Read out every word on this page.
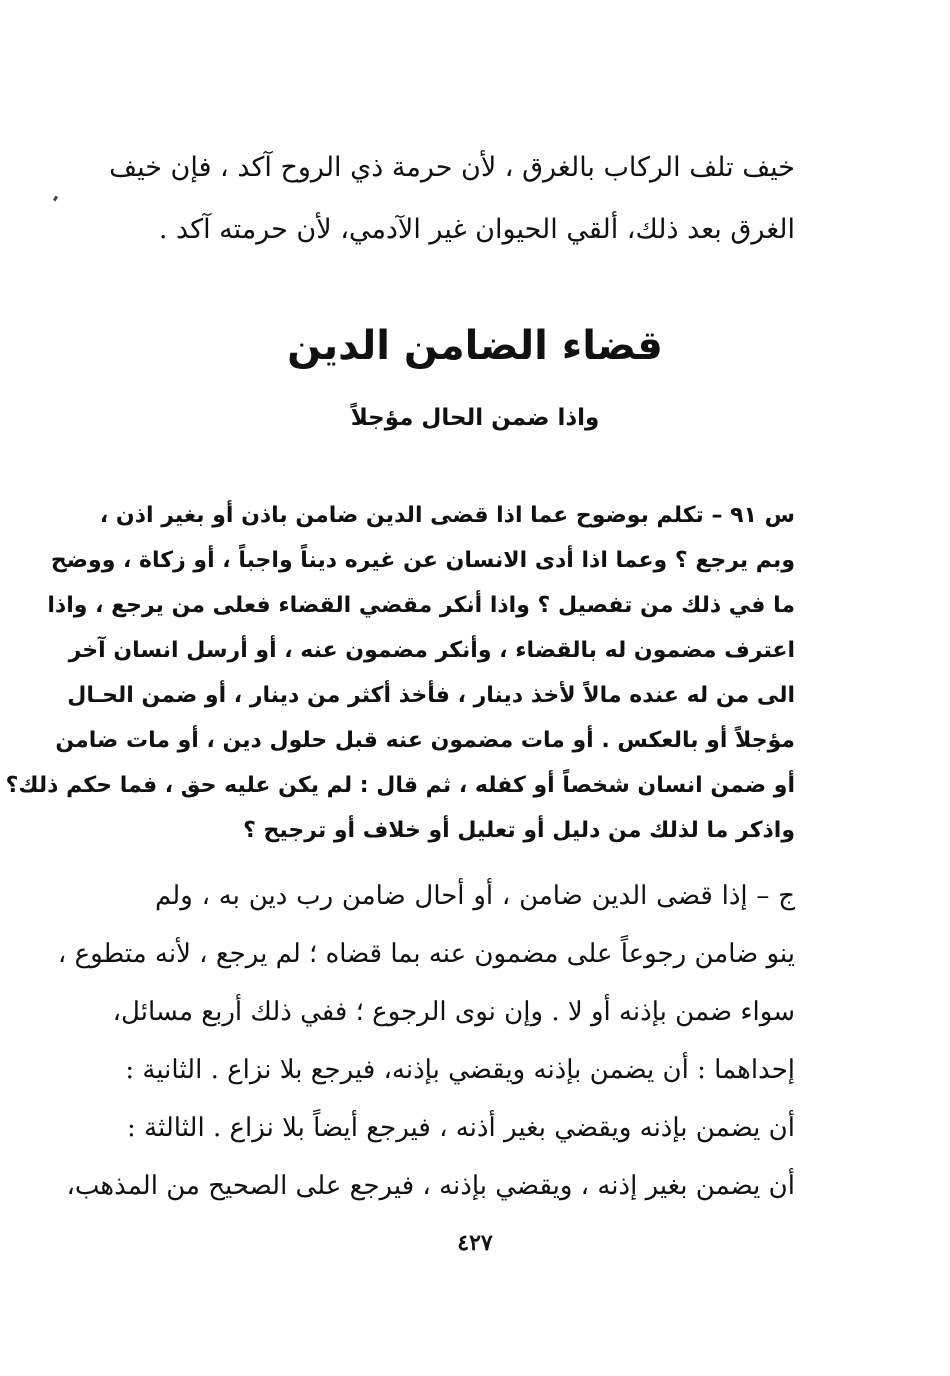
خيف تلف الركاب بالغرق ، لأن حرمة ذي الروح آكد ، فإن خيف
الغرق بعد ذلك، ألقي الحيوان غير الآدمي، لأن حرمته آكد .
قضاء الضامن الدين
واذا ضمن الحال مؤجلاً
س ٩١ – تكلم بوضوح عما اذا قضى الدين ضامن باذن أو بغير اذن ،
وبم يرجع ؟ وعما اذا أدى الانسان عن غيره ديناً واجباً ، أو زكاة ، ووضح
ما في ذلك من تفصيل ؟ واذا أنكر مقضي القضاء فعلى من يرجع ، واذا
اعترف مضمون له بالقضاء ، وأنكر مضمون عنه ، أو أرسل انسان آخر
الى من له عنده مالاً لأخذ دينار ، فأخذ أكثر من دينار ، أو ضمن الحـال
مؤجلاً أو بالعكس . أو مات مضمون عنه قبل حلول دين ، أو مات ضامن
أو ضمن انسان شخصاً أو كفله ، ثم قال : لم يكن عليه حق ، فما حكم ذلك؟
واذكر ما لذلك من دليل أو تعليل أو خلاف أو ترجيح ؟
ج – إذا قضى الدين ضامن ، أو أحال ضامن رب دين به ، ولم
ينو ضامن رجوعاً على مضمون عنه بما قضاه ؛ لم يرجع ، لأنه متطوع ،
سواء ضمن بإذنه أو لا . وإن نوى الرجوع ؛ ففي ذلك أربع مسائل،
إحداهما : أن يضمن بإذنه ويقضي بإذنه، فيرجع بلا نزاع . الثانية :
أن يضمن بإذنه ويقضي بغير أذنه ، فيرجع أيضاً بلا نزاع . الثالثة :
أن يضمن بغير إذنه ، ويقضي بإذنه ، فيرجع على الصحيح من المذهب،
٤٢٧
